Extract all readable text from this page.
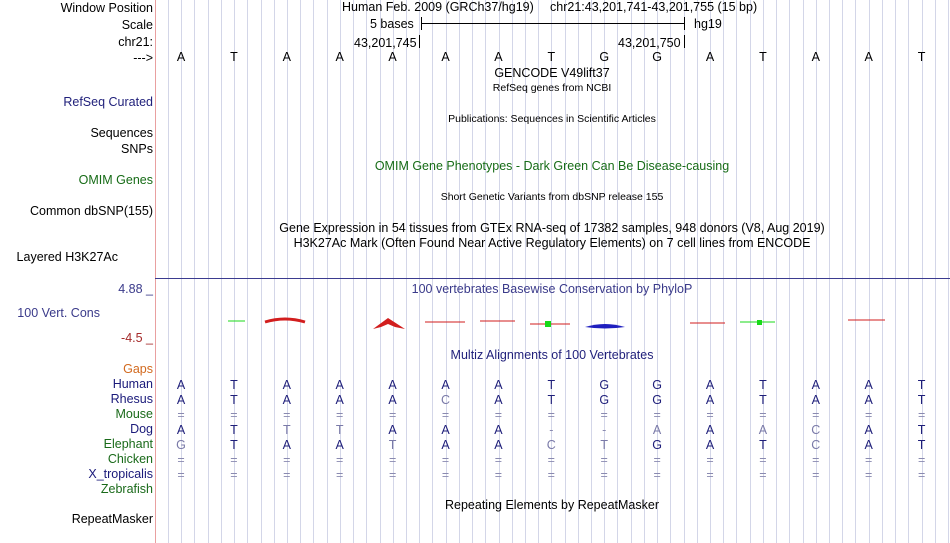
Window Position
Scale
chr21:
--->
Human Feb. 2009 (GRCh37/hg19) chr21:43,201,741-43,201,755 (15 bp)
5 bases	hg19
43,201,745	43,201,750
A	T	A	A	A	A	A	T	G	G	A	T	A	A	T
GENCODE V49lift37
RefSeq genes from NCBI
RefSeq Curated
Publications: Sequences in Scientific Articles
Sequences
SNPs
OMIM Gene Phenotypes - Dark Green Can Be Disease-causing
OMIM Genes
Short Genetic Variants from dbSNP release 155
Common dbSNP(155)
Gene Expression in 54 tissues from GTEx RNA-seq of 17382 samples, 948 donors (V8, Aug 2019)
H3K27Ac Mark (Often Found Near Active Regulatory Elements) on 7 cell lines from ENCODE
Layered H3K27Ac
4.88 _	100 vertebrates Basewise Conservation by PhyloP
100 Vert. Cons
-4.5 _
Multiz Alignments of 100 Vertebrates
Gaps
Human	A	T	A	A	A	A	A	T	G	G	A	T	A	A	T
Rhesus	A	T	A	A	A	C	A	T	G	G	A	T	A	A	T
Mouse	=	=	=	=	=	=	=	=	=	=	=	=	=	=	=
Dog	A	T	T	T	A	A	A	-	-	A	A	A	C	A	T
Elephant	G	T	A	A	T	A	A	C	T	G	A	T	C	A	T
Chicken	=	=	=	=	=	=	=	=	=	=	=	=	=	=	=
X_tropicalis	=	=	=	=	=	=	=	=	=	=	=	=	=	=	=
Zebrafish
Repeating Elements by RepeatMasker
RepeatMasker
